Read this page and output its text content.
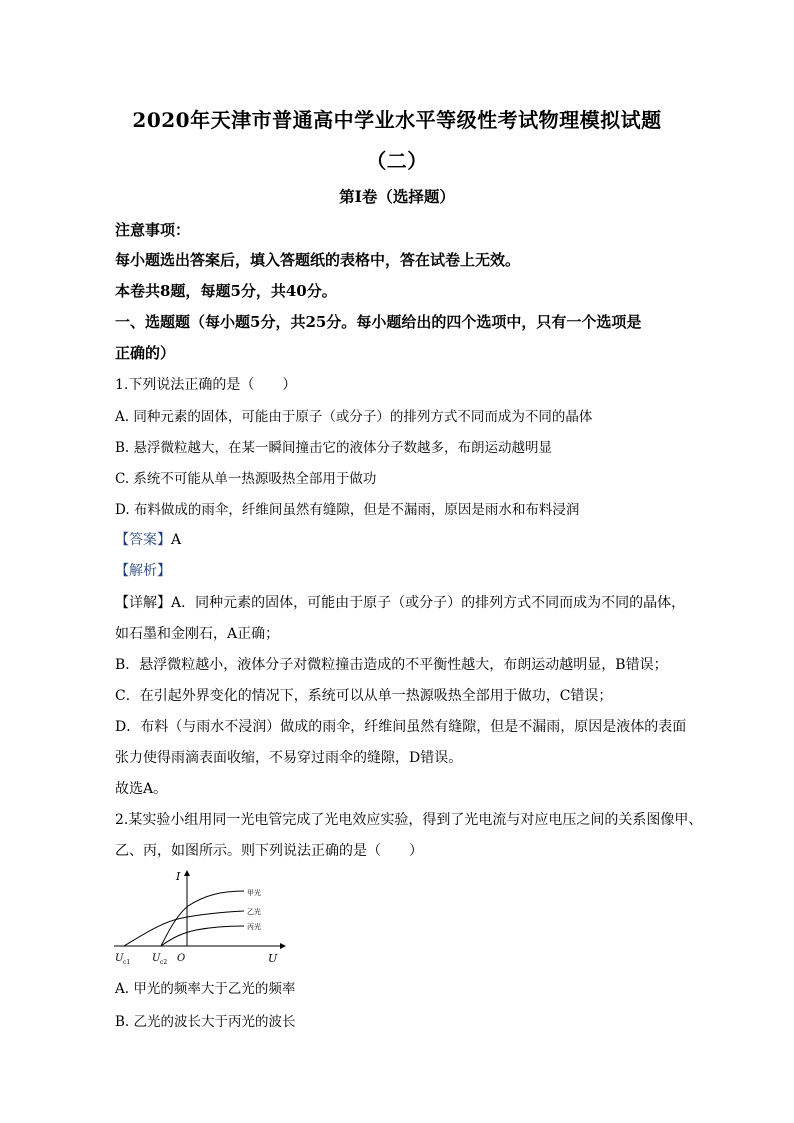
2020年天津市普通高中学业水平等级性考试物理模拟试题
（二）
第Ⅰ卷（选择题）
注意事项：
每小题选出答案后，填入答题纸的表格中，答在试卷上无效。
本卷共8题，每题5分，共40分。
一、选题题（每小题5分，共25分。每小题给出的四个选项中，只有一个选项是
正确的）
1.下列说法正确的是（　　）
A. 同种元素的固体，可能由于原子（或分子）的排列方式不同而成为不同的晶体
B. 悬浮微粒越大，在某一瞬间撞击它的液体分子数越多，布朗运动越明显
C. 系统不可能从单一热源吸热全部用于做功
D. 布料做成的雨伞，纤维间虽然有缝隙，但是不漏雨，原因是雨水和布料浸润
【答案】A
【解析】
【详解】A．同种元素的固体，可能由于原子（或分子）的排列方式不同而成为不同的晶体，
如石墨和金刚石，A正确；
B．悬浮微粒越小，液体分子对微粒撞击造成的不平衡性越大，布朗运动越明显，B错误；
C．在引起外界变化的情况下，系统可以从单一热源吸热全部用于做功，C错误；
D．布料（与雨水不浸润）做成的雨伞，纤维间虽然有缝隙，但是不漏雨，原因是液体的表面
张力使得雨滴表面收缩，不易穿过雨伞的缝隙，D错误。
故选A。
2.某实验小组用同一光电管完成了光电效应实验，得到了光电流与对应电压之间的关系图像甲、
乙、丙，如图所示。则下列说法正确的是（　　）
I
U
O
U c1 U c2
甲光
乙光
丙光
A. 甲光的频率大于乙光的频率
B. 乙光的波长大于丙光的波长
